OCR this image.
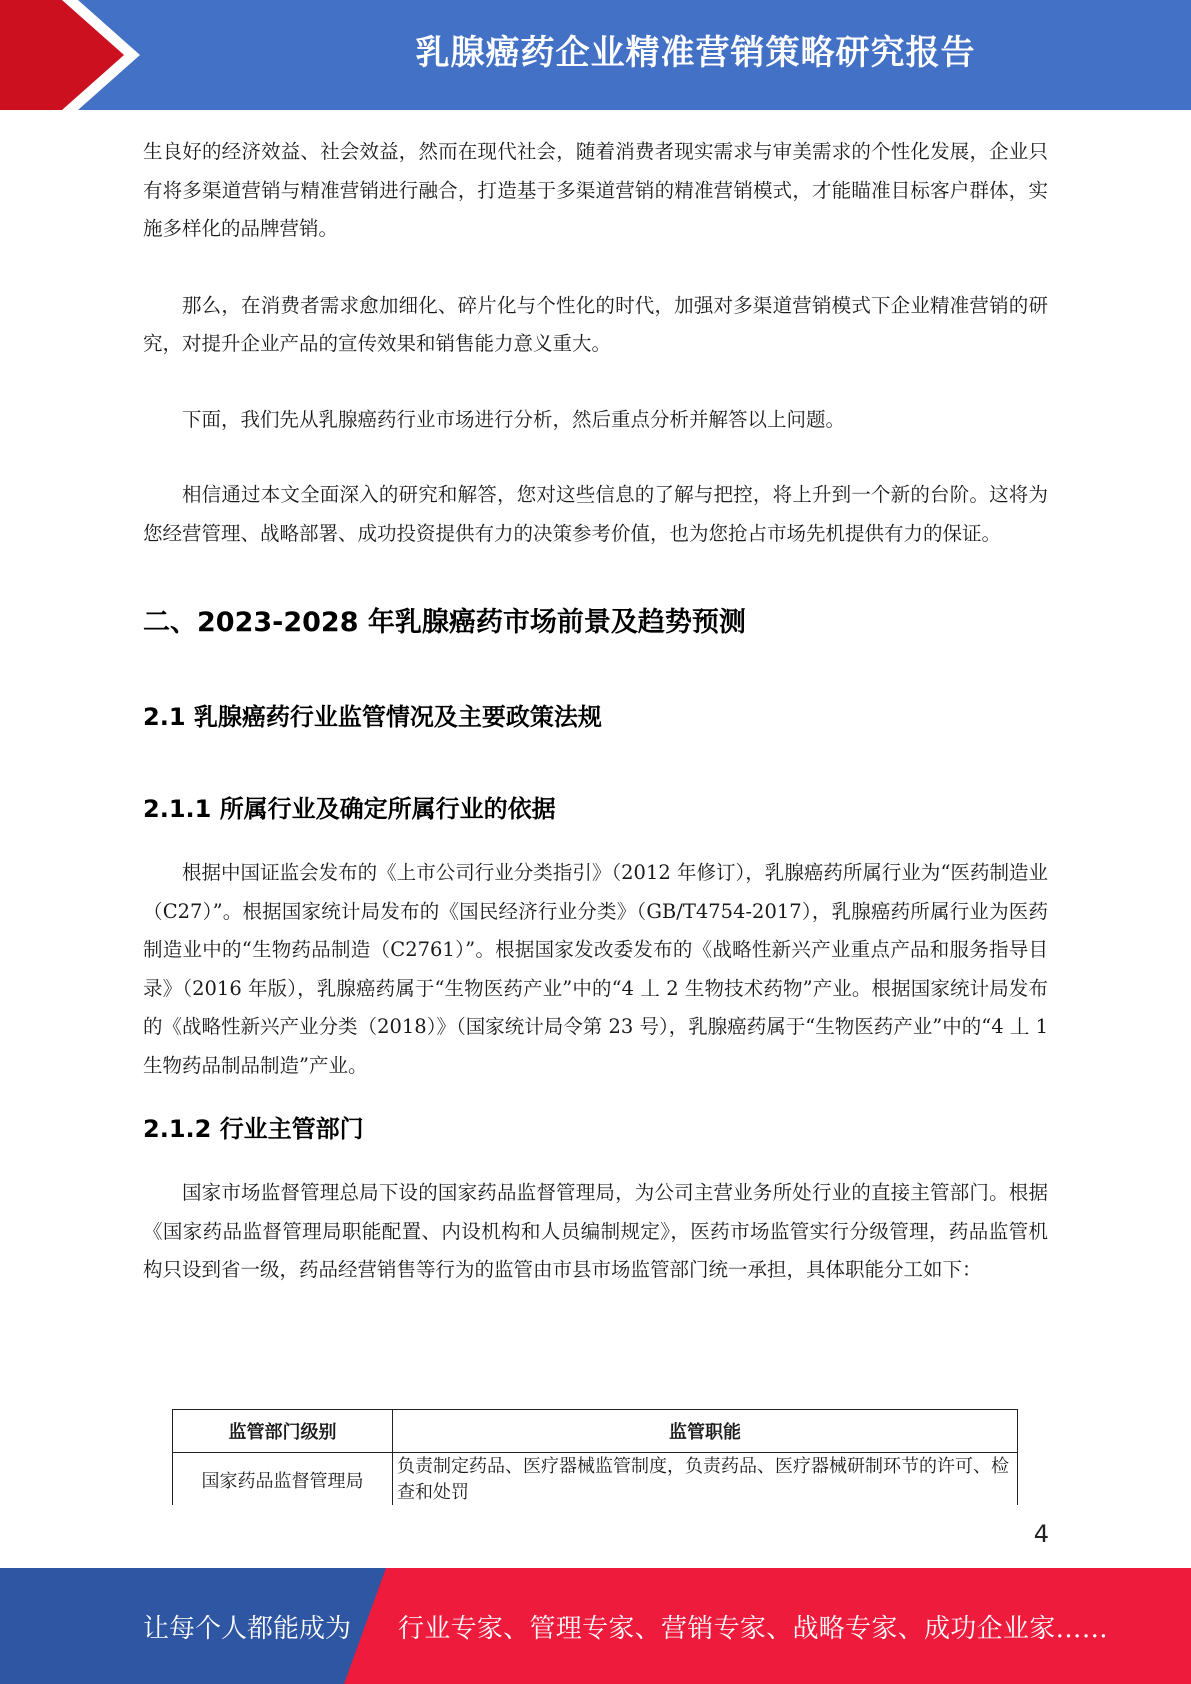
乳腺癌药企业精准营销策略研究报告

生良好的经济效益、社会效益，然而在现代社会，随着消费者现实需求与审美需求的个性化发展，企业只有将多渠道营销与精准营销进行融合，打造基于多渠道营销的精准营销模式，才能瞄准目标客户群体，实施多样化的品牌营销。

那么，在消费者需求愈加细化、碎片化与个性化的时代，加强对多渠道营销模式下企业精准营销的研究，对提升企业产品的宣传效果和销售能力意义重大。

下面，我们先从乳腺癌药行业市场进行分析，然后重点分析并解答以上问题。

相信通过本文全面深入的研究和解答，您对这些信息的了解与把控，将上升到一个新的台阶。这将为您经营管理、战略部署、成功投资提供有力的决策参考价值，也为您抢占市场先机提供有力的保证。

二、2023-2028 年乳腺癌药市场前景及趋势预测
2.1 乳腺癌药行业监管情况及主要政策法规
2.1.1 所属行业及确定所属行业的依据

根据中国证监会发布的《上市公司行业分类指引》（2012 年修订），乳腺癌药所属行业为“医药制造业（C27）”。根据国家统计局发布的《国民经济行业分类》（GB/T4754-2017），乳腺癌药所属行业为医药制造业中的“生物药品制造（C2761）”。根据国家发改委发布的《战略性新兴产业重点产品和服务指导目录》（2016 年版），乳腺癌药属于“生物医药产业”中的“4 丄 2 生物技术药物”产业。根据国家统计局发布的《战略性新兴产业分类（2018）》（国家统计局令第 23 号），乳腺癌药属于“生物医药产业”中的“4 丄 1 生物药品制品制造”产业。

2.1.2 行业主管部门

国家市场监督管理总局下设的国家药品监督管理局，为公司主营业务所处行业的直接主管部门。根据《国家药品监督管理局职能配置、内设机构和人员编制规定》，医药市场监管实行分级管理，药品监管机构只设到省一级，药品经营销售等行为的监管由市县市场监管部门统一承担，具体职能分工如下：

监管部门级别	监管职能
国家药品监督管理局	负责制定药品、医疗器械监管制度，负责药品、医疗器械研制环节的许可、检查和处罚
4
让每个人都能成为 行业专家、管理专家、营销专家、战略专家、成功企业家……
